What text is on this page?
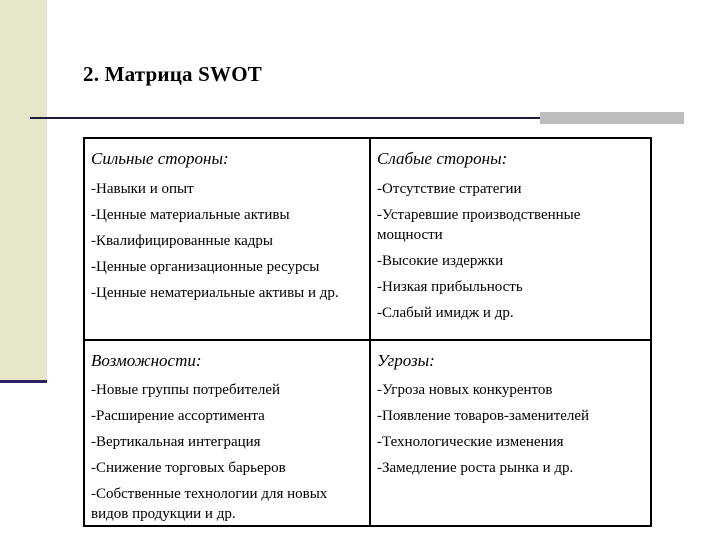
2. Матрица SWOT
Сильные стороны:
-Навыки и опыт
-Ценные материальные активы
-Квалифицированные кадры
-Ценные организационные ресурсы
-Ценные нематериальные активы и др.
Слабые стороны:
-Отсутствие стратегии
-Устаревшие производственные мощности
-Высокие издержки
-Низкая прибыльность
-Слабый имидж и др.
Возможности:
-Новые группы потребителей
-Расширение ассортимента
-Вертикальная интеграция
-Снижение торговых барьеров
-Собственные технологии для новых видов продукции и др.
Угрозы:
-Угроза новых конкурентов
-Появление товаров-заменителей
-Технологические изменения
-Замедление роста рынка и др.
